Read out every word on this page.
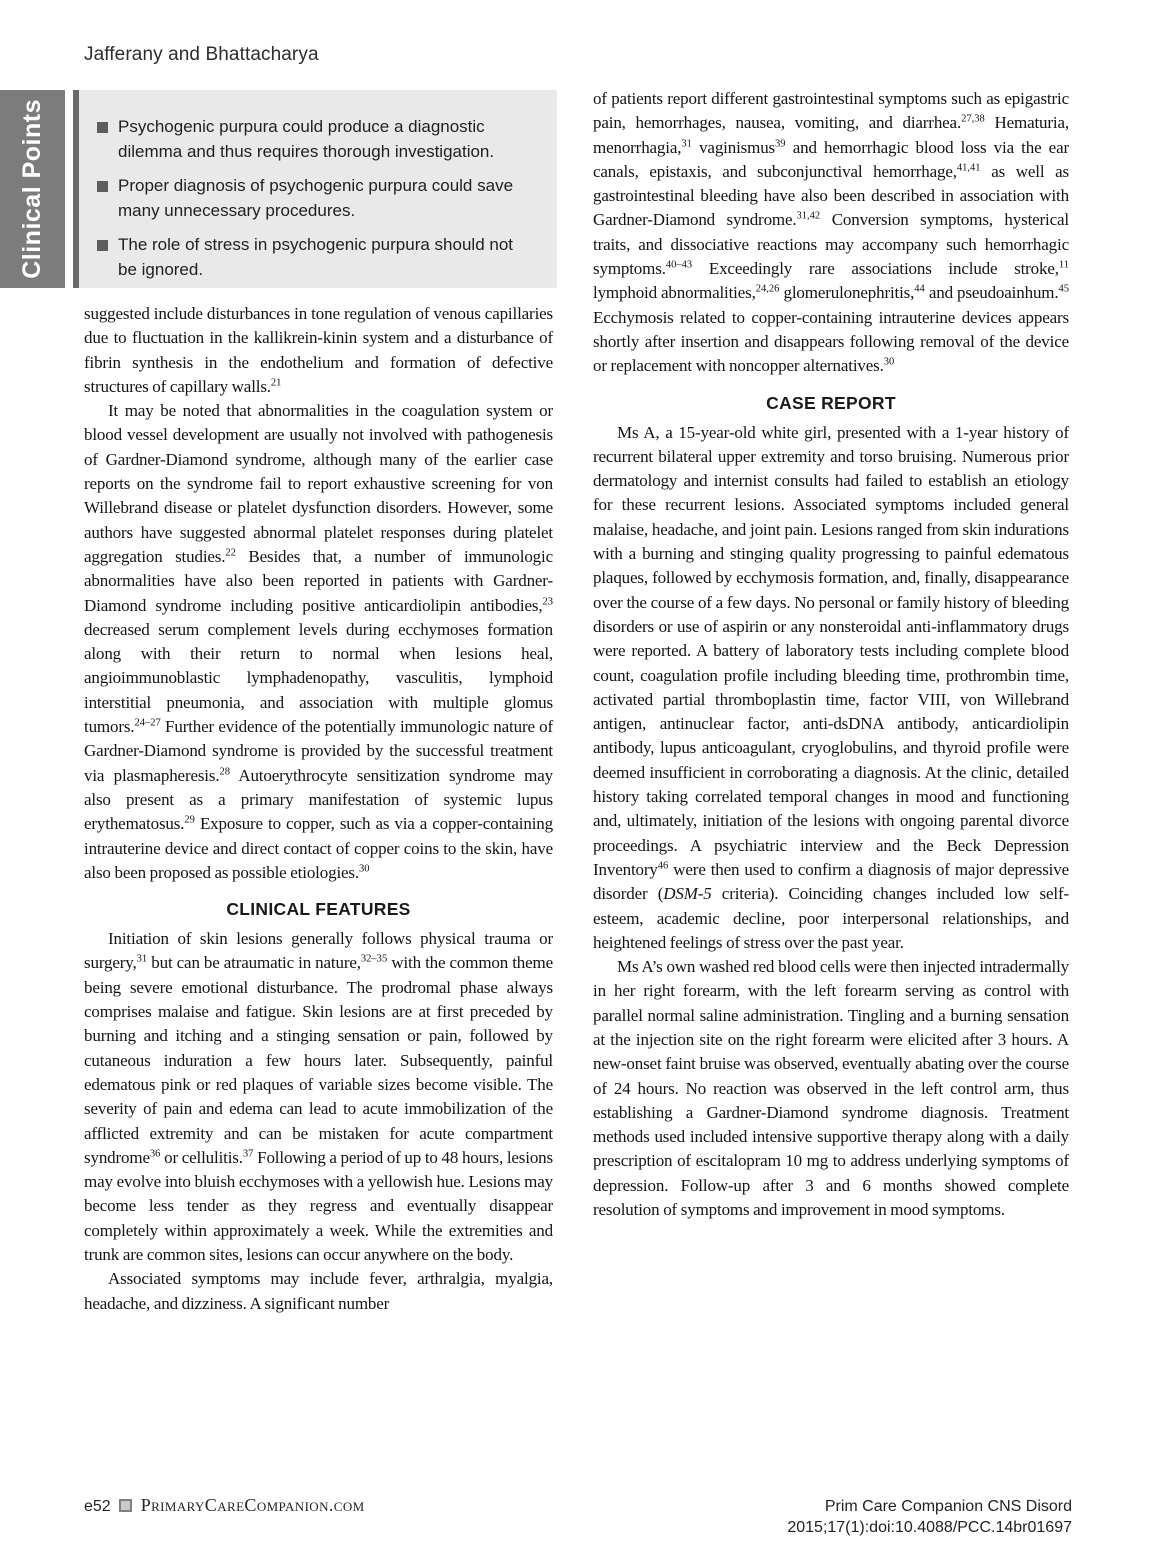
Jafferany and Bhattacharya
Clinical Points	Psychogenic purpura could produce a diagnostic dilemma and thus requires thorough investigation.
Proper diagnosis of psychogenic purpura could save many unnecessary procedures.
The role of stress in psychogenic purpura should not be ignored.

suggested include disturbances in tone regulation of venous capillaries due to fluctuation in the kallikrein-kinin system and a disturbance of fibrin synthesis in the endothelium and formation of defective structures of capillary walls.$^{21}$

It may be noted that abnormalities in the coagulation system or blood vessel development are usually not involved with pathogenesis of Gardner-Diamond syndrome, although many of the earlier case reports on the syndrome fail to report exhaustive screening for von Willebrand disease or platelet dysfunction disorders. However, some authors have suggested abnormal platelet responses during platelet aggregation studies.$^{22}$ Besides that, a number of immunologic abnormalities have also been reported in patients with Gardner-Diamond syndrome including positive anticardiolipin antibodies,$^{23}$ decreased serum complement levels during ecchymoses formation along with their return to normal when lesions heal, angioimmunoblastic lymphadenopathy, vasculitis, lymphoid interstitial pneumonia, and association with multiple glomus tumors.$^{24-27}$ Further evidence of the potentially immunologic nature of Gardner-Diamond syndrome is provided by the successful treatment via plasmapheresis.$^{28}$ Autoerythrocyte sensitization syndrome may also present as a primary manifestation of systemic lupus erythematosus.$^{29}$ Exposure to copper, such as via a copper-containing intrauterine device and direct contact of copper coins to the skin, have also been proposed as possible etiologies.$^{30}$

CLINICAL FEATURES

Initiation of skin lesions generally follows physical trauma or surgery,$^{31}$ but can be atraumatic in nature,$^{32-35}$ with the common theme being severe emotional disturbance. The prodromal phase always comprises malaise and fatigue. Skin lesions are at first preceded by burning and itching and a stinging sensation or pain, followed by cutaneous induration a few hours later. Subsequently, painful edematous pink or red plaques of variable sizes become visible. The severity of pain and edema can lead to acute immobilization of the afflicted extremity and can be mistaken for acute compartment syndrome$^{36}$ or cellulitis.$^{37}$ Following a period of up to 48 hours, lesions may evolve into bluish ecchymoses with a yellowish hue. Lesions may become less tender as they regress and eventually disappear completely within approximately a week. While the extremities and trunk are common sites, lesions can occur anywhere on the body.

Associated symptoms may include fever, arthralgia, myalgia, headache, and dizziness. A significant number

of patients report different gastrointestinal symptoms such as epigastric pain, hemorrhages, nausea, vomiting, and diarrhea.$^{27,38}$ Hematuria, menorrhagia,$^{31}$ vaginismus$^{39}$ and hemorrhagic blood loss via the ear canals, epistaxis, and subconjunctival hemorrhage,$^{41,41}$ as well as gastrointestinal bleeding have also been described in association with Gardner-Diamond syndrome.$^{31,42}$ Conversion symptoms, hysterical traits, and dissociative reactions may accompany such hemorrhagic symptoms.$^{40-43}$ Exceedingly rare associations include stroke,$^{11}$ lymphoid abnormalities,$^{24,26}$ glomerulonephritis,$^{44}$ and pseudoainhum.$^{45}$ Ecchymosis related to copper-containing intrauterine devices appears shortly after insertion and disappears following removal of the device or replacement with noncopper alternatives.$^{30}$

CASE REPORT

Ms A, a 15-year-old white girl, presented with a 1-year history of recurrent bilateral upper extremity and torso bruising. Numerous prior dermatology and internist consults had failed to establish an etiology for these recurrent lesions. Associated symptoms included general malaise, headache, and joint pain. Lesions ranged from skin indurations with a burning and stinging quality progressing to painful edematous plaques, followed by ecchymosis formation, and, finally, disappearance over the course of a few days. No personal or family history of bleeding disorders or use of aspirin or any nonsteroidal anti-inflammatory drugs were reported. A battery of laboratory tests including complete blood count, coagulation profile including bleeding time, prothrombin time, activated partial thromboplastin time, factor VIII, von Willebrand antigen, antinuclear factor, anti-dsDNA antibody, anticardiolipin antibody, lupus anticoagulant, cryoglobulins, and thyroid profile were deemed insufficient in corroborating a diagnosis. At the clinic, detailed history taking correlated temporal changes in mood and functioning and, ultimately, initiation of the lesions with ongoing parental divorce proceedings. A psychiatric interview and the Beck Depression Inventory$^{46}$ were then used to confirm a diagnosis of major depressive disorder (DSM-5 criteria). Coinciding changes included low self-esteem, academic decline, poor interpersonal relationships, and heightened feelings of stress over the past year.

Ms A’s own washed red blood cells were then injected intradermally in her right forearm, with the left forearm serving as control with parallel normal saline administration. Tingling and a burning sensation at the injection site on the right forearm were elicited after 3 hours. A new-onset faint bruise was observed, eventually abating over the course of 24 hours. No reaction was observed in the left control arm, thus establishing a Gardner-Diamond syndrome diagnosis. Treatment methods used included intensive supportive therapy along with a daily prescription of escitalopram 10 mg to address underlying symptoms of depression. Follow-up after 3 and 6 months showed complete resolution of symptoms and improvement in mood symptoms.

e52 PrimaryCareCompanion.com	Prim Care Companion CNS Disord
2015;17(1):doi:10.4088/PCC.14br01697
